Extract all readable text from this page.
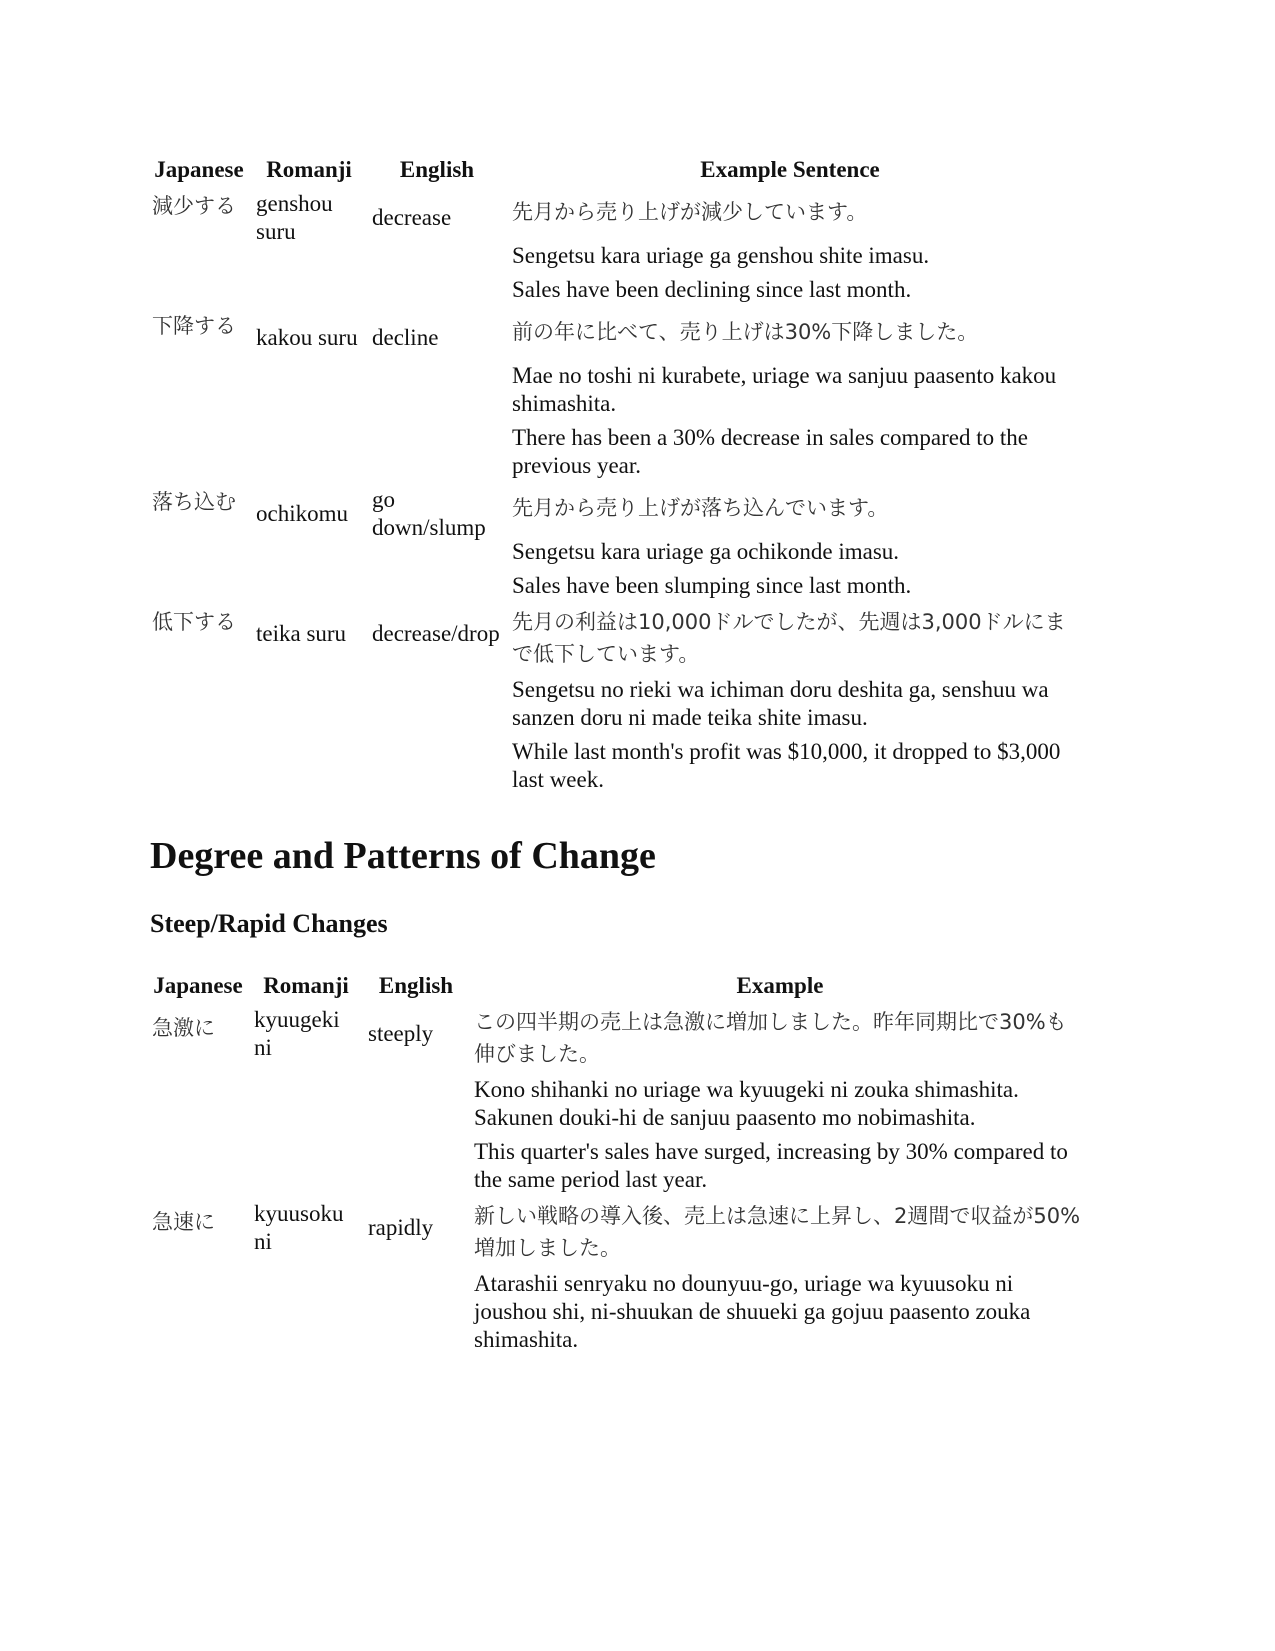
Japanese	Romanji	English	Example Sentence
減少する	genshou suru	decrease	先月から売り上げが減少しています。
			Sengetsu kara uriage ga genshou shite imasu.
			Sales have been declining since last month.
下降する	kakou suru	decline	前の年に比べて、売り上げは30%下降しました。
			Mae no toshi ni kurabete, uriage wa sanjuu paasento kakou shimashita.
			There has been a 30% decrease in sales compared to the previous year.
落ち込む	ochikomu	go down/slump	先月から売り上げが落ち込んでいます。
			Sengetsu kara uriage ga ochikonde imasu.
			Sales have been slumping since last month.
低下する	teika suru	decrease/drop	先月の利益は10,000ドルでしたが、先週は3,000ドルにまで低下しています。
			Sengetsu no rieki wa ichiman doru deshita ga, senshuu wa sanzen doru ni made teika shite imasu.
			While last month's profit was $10,000, it dropped to $3,000 last week.
Degree and Patterns of Change
Steep/Rapid Changes
Japanese	Romanji	English	Example
急激に	kyuugeki ni	steeply	この四半期の売上は急激に増加しました。昨年同期比で30%も伸びました。
			Kono shihanki no uriage wa kyuugeki ni zouka shimashita. Sakunen douki-hi de sanjuu paasento mo nobimashita.
			This quarter's sales have surged, increasing by 30% compared to the same period last year.
急速に	kyuusoku ni	rapidly	新しい戦略の導入後、売上は急速に上昇し、2週間で収益が50%増加しました。
			Atarashii senryaku no dounyuu-go, uriage wa kyuusoku ni joushou shi, ni-shuukan de shuueki ga gojuu paasento zouka shimashita.
